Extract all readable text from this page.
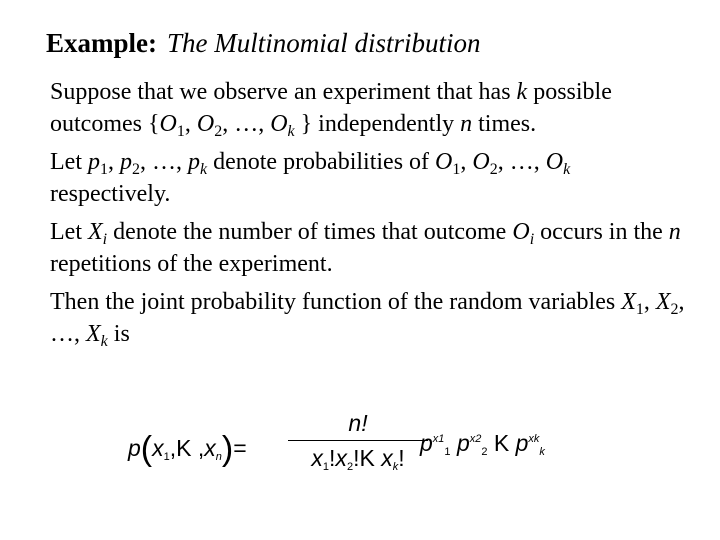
Example: The Multinomial distribution

Suppose that we observe an experiment that has k possible outcomes {$O_1$, $O_2$, …, $O_k$ } independently n times.

Let $p_1$, $p_2$, …, $p_k$ denote probabilities of $O_1$, $O_2$, …, $O_k$ respectively.

Let $X_i$ denote the number of times that outcome $O_i$ occurs in the n repetitions of the experiment.

Then the joint probability function of the random variables $X_1$, $X_2$, …, $X_k$ is

$p(x_1,K$ $,x_n)=$
n!
$x_1!x_2!K$ $x_k$!
$p^{x1}_1$ $p^{x2}_2$ K $p^{xk}_k$
